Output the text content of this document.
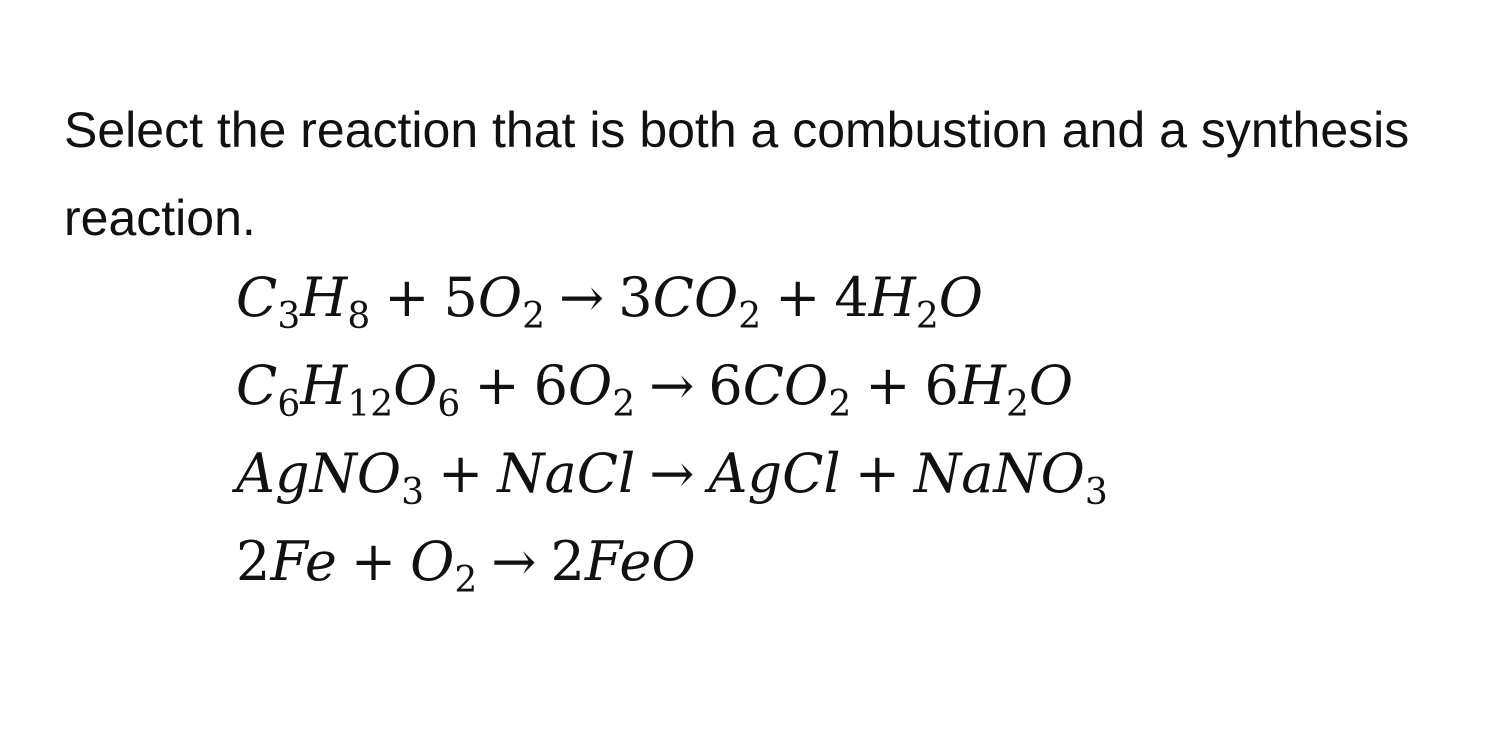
Select the reaction that is both a combustion and a synthesis reaction.
$C_3H_8 + 5O_2 \to 3CO_2 + 4H_2O$
$C_6H_{12}O_6 + 6O_2 \to 6CO_2 + 6H_2O$
AgNO$_3$ + NaCl → AgCl + NaNO$_3$
$2Fe + O_2 \to 2FeO$
